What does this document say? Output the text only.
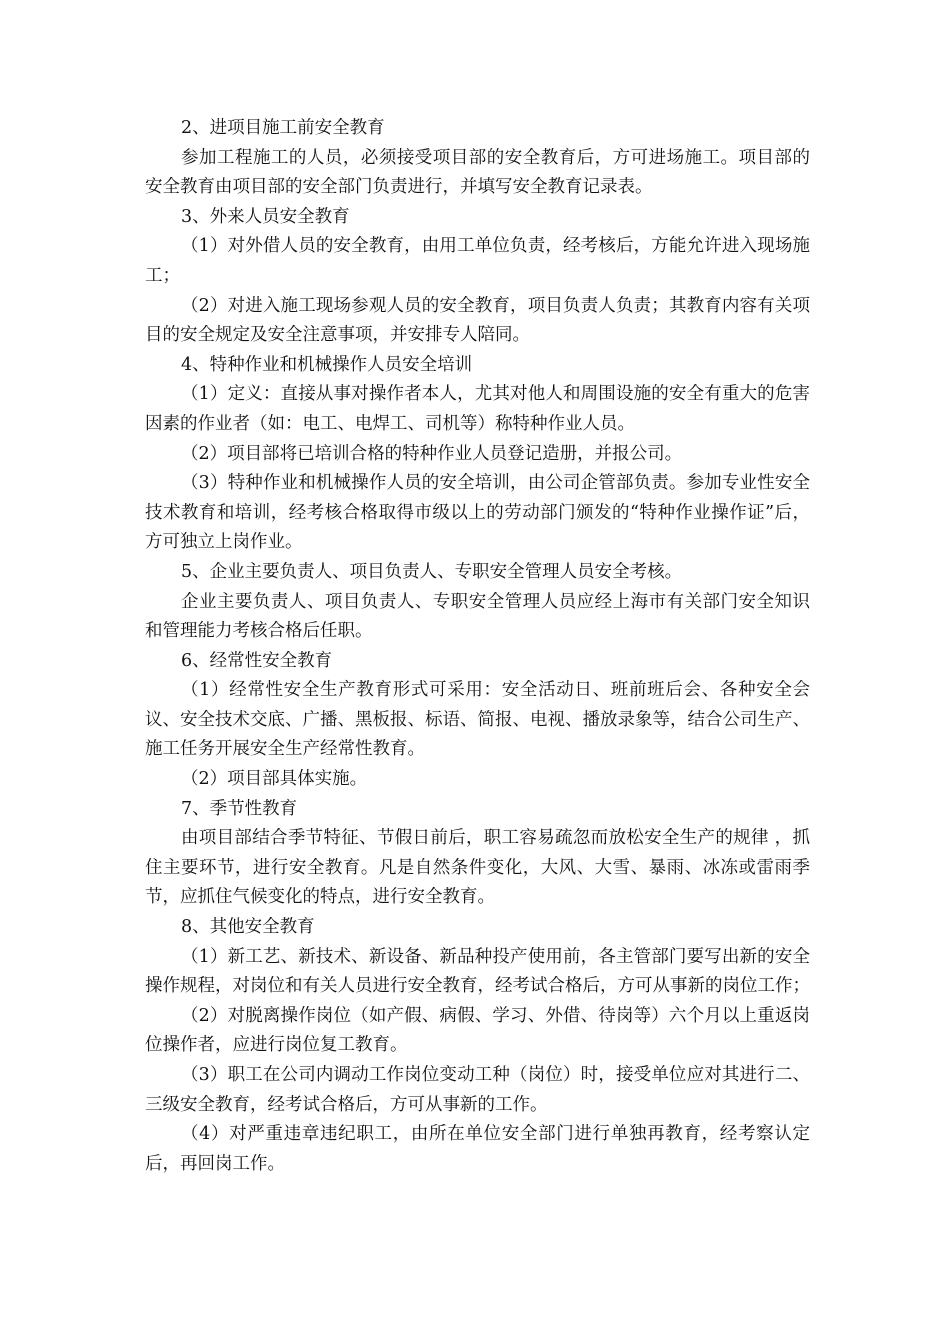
2、进项目施工前安全教育

参加工程施工的人员，必须接受项目部的安全教育后，方可进场施工。项目部的安全教育由项目部的安全部门负责进行，并填写安全教育记录表。

3、外来人员安全教育

（1）对外借人员的安全教育，由用工单位负责，经考核后，方能允许进入现场施工；

（2）对进入施工现场参观人员的安全教育，项目负责人负责；其教育内容有关项目的安全规定及安全注意事项，并安排专人陪同。

4、特种作业和机械操作人员安全培训

（1）定义：直接从事对操作者本人，尤其对他人和周围设施的安全有重大的危害因素的作业者（如：电工、电焊工、司机等）称特种作业人员。

（2）项目部将已培训合格的特种作业人员登记造册，并报公司。

（3）特种作业和机械操作人员的安全培训，由公司企管部负责。参加专业性安全技术教育和培训，经考核合格取得市级以上的劳动部门颁发的“特种作业操作证”后，方可独立上岗作业。

5、企业主要负责人、项目负责人、专职安全管理人员安全考核。

企业主要负责人、项目负责人、专职安全管理人员应经上海市有关部门安全知识和管理能力考核合格后任职。

6、经常性安全教育

（1）经常性安全生产教育形式可采用：安全活动日、班前班后会、各种安全会议、安全技术交底、广播、黑板报、标语、简报、电视、播放录象等，结合公司生产、施工任务开展安全生产经常性教育。

（2）项目部具体实施。

7、季节性教育

由项目部结合季节特征、节假日前后，职工容易疏忽而放松安全生产的规律 ，抓住主要环节，进行安全教育。凡是自然条件变化，大风、大雪、暴雨、冰冻或雷雨季节，应抓住气候变化的特点，进行安全教育。

8、其他安全教育

（1）新工艺、新技术、新设备、新品种投产使用前，各主管部门要写出新的安全操作规程，对岗位和有关人员进行安全教育，经考试合格后，方可从事新的岗位工作；

（2）对脱离操作岗位（如产假、病假、学习、外借、待岗等）六个月以上重返岗位操作者，应进行岗位复工教育。

（3）职工在公司内调动工作岗位变动工种（岗位）时，接受单位应对其进行二、三级安全教育，经考试合格后，方可从事新的工作。

（4）对严重违章违纪职工，由所在单位安全部门进行单独再教育，经考察认定后，再回岗工作。
